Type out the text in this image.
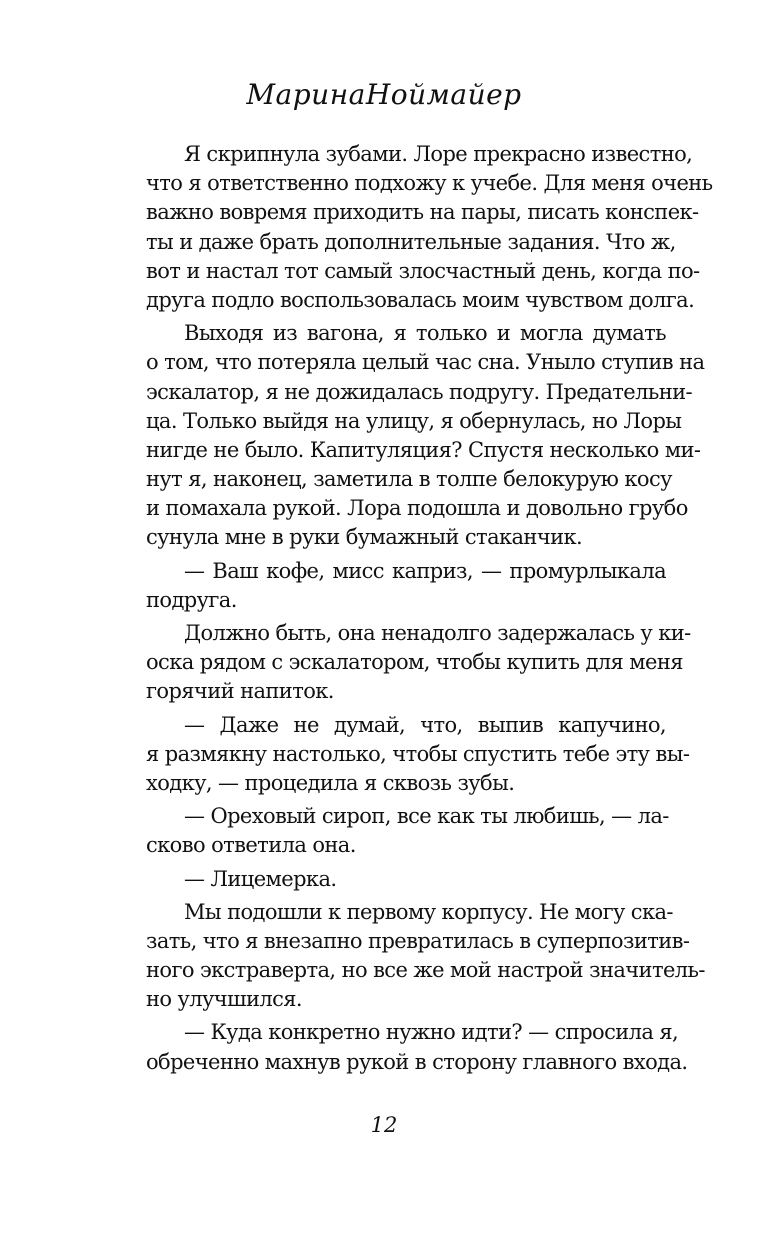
МаринаНоймайер
Я скрипнула зубами. Лоре прекрасно известно,
что я ответственно подхожу к учебе. Для меня очень
важно вовремя приходить на пары, писать конспек-
ты и даже брать дополнительные задания. Что ж,
вот и настал тот самый злосчастный день, когда по-
друга подло воспользовалась моим чувством долга.
Выходя из вагона, я только и могла думать
о том, что потеряла целый час сна. Уныло ступив на
эскалатор, я не дожидалась подругу. Предательни-
ца. Только выйдя на улицу, я обернулась, но Лоры
нигде не было. Капитуляция? Спустя несколько ми-
нут я, наконец, заметила в толпе белокурую косу
и помахала рукой. Лора подошла и довольно грубо
сунула мне в руки бумажный стаканчик.
— Ваш кофе, мисс каприз, — промурлыкала
подруга.
Должно быть, она ненадолго задержалась у ки-
оска рядом с эскалатором, чтобы купить для меня
горячий напиток.
— Даже не думай, что, выпив капучино,
я размякну настолько, чтобы спустить тебе эту вы-
ходку, — процедила я сквозь зубы.
— Ореховый сироп, все как ты любишь, — ла-
сково ответила она.
— Лицемерка.
Мы подошли к первому корпусу. Не могу ска-
зать, что я внезапно превратилась в суперпозитив-
ного экстраверта, но все же мой настрой значитель-
но улучшился.
— Куда конкретно нужно идти? — спросила я,
обреченно махнув рукой в сторону главного входа.
12
